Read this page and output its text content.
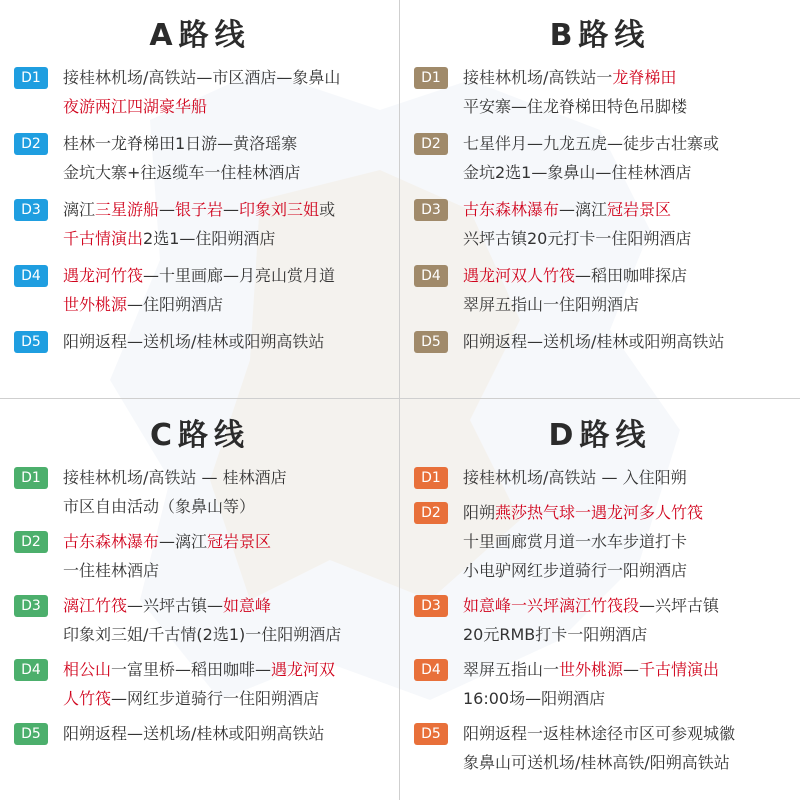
A路线
D1	接桂林机场/高铁站—市区酒店—象鼻山
夜游两江四湖豪华船
D2	桂林一龙脊梯田1日游—黄洛瑶寨
金坑大寨+往返缆车一住桂林酒店
D3	漓江三星游船—银子岩—印象刘三姐或
千古情演出2选1—住阳朔酒店
D4	遇龙河竹筏—十里画廊—月亮山赏月道
世外桃源—住阳朔酒店
D5	阳朔返程—送机场/桂林或阳朔高铁站
B路线
D1	接桂林机场/高铁站一龙脊梯田
平安寨—住龙脊梯田特色吊脚楼
D2	七星伴月—九龙五虎—徒步古壮寨或
金坑2选1—象鼻山—住桂林酒店
D3	古东森林瀑布—漓江冠岩景区
兴坪古镇20元打卡一住阳朔酒店
D4	遇龙河双人竹筏—稻田咖啡探店
翠屏五指山一住阳朔酒店
D5	阳朔返程—送机场/桂林或阳朔高铁站
C路线
D1	接桂林机场/高铁站 — 桂林酒店
市区自由活动（象鼻山等）
D2	古东森林瀑布—漓江冠岩景区
一住桂林酒店
D3	漓江竹筏—兴坪古镇—如意峰
印象刘三姐/千古情(2选1)一住阳朔酒店
D4	相公山一富里桥—稻田咖啡—遇龙河双
人竹筏—网红步道骑行一住阳朔酒店
D5	阳朔返程—送机场/桂林或阳朔高铁站
D路线
D1	接桂林机场/高铁站 — 入住阳朔
D2	阳朔燕莎热气球一遇龙河多人竹筏
十里画廊赏月道一水车步道打卡
小电驴网红步道骑行一阳朔酒店
D3	如意峰一兴坪漓江竹筏段—兴坪古镇
20元RMB打卡一阳朔酒店
D4	翠屏五指山一世外桃源—千古情演出
16:00场—阳朔酒店
D5	阳朔返程一返桂林途径市区可参观城徽
象鼻山可送机场/桂林高铁/阳朔高铁站
